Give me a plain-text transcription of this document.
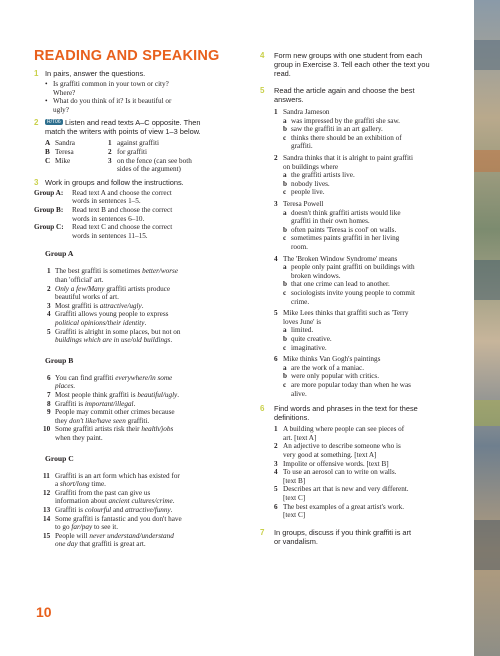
READING AND SPEAKING
1 In pairs, answer the questions.
• Is graffiti common in your town or city?
Where?
• What do you think of it? Is it beautiful or
ugly?
2	R/T06 Listen and read texts A–C opposite. Then
match the writers with points of view 1–3 below.
A Sandra	1 against graffiti
B Teresa	2 for graffiti
C Mike	3 on the fence (can see both
sides of the argument)
3 Work in groups and follow the instructions.
Group A: Read text A and choose the correct
words in sentences 1–5.
Group B: Read text B and choose the correct
words in sentences 6–10.
Group C: Read text C and choose the correct
words in sentences 11–15.
Group A
1 The best graffiti is sometimes better/worse
than 'official' art.
2 Only a few/Many graffiti artists produce
beautiful works of art.
3 Most graffiti is attractive/ugly.
4 Graffiti allows young people to express
political opinions/their identity.
5 Graffiti is alright in some places, but not on
buildings which are in use/old buildings.
Group B
6 You can find graffiti everywhere/in some
places.
7 Most people think graffiti is beautiful/ugly.
8 Graffiti is important/illegal.
9 People may commit other crimes because
they don't like/have seen graffiti.
10 Some graffiti artists risk their health/jobs
when they paint.
Group C
11 Graffiti is an art form which has existed for
a short/long time.
12 Graffiti from the past can give us
information about ancient cultures/crime.
13 Graffiti is colourful and attractive/funny.
14 Some graffiti is fantastic and you don't have
to go far/pay to see it.
15 People will never understand/understand
one day that graffiti is great art.
4 Form new groups with one student from each
group in Exercise 3. Tell each other the text you
read.
5 Read the article again and choose the best
answers.
1 Sandra Jameson
a was impressed by the graffiti she saw.
b saw the graffiti in an art gallery.
c thinks there should be an exhibition of
graffiti.
2 Sandra thinks that it is alright to paint graffiti
on buildings where
a the graffiti artists live.
b nobody lives.
c people live.
3 Teresa Powell
a doesn't think graffiti artists would like
graffiti in their own homes.
b often paints 'Teresa is cool' on walls.
c sometimes paints graffiti in her living
room.
4 The 'Broken Window Syndrome' means
a people only paint graffiti on buildings with
broken windows.
b that one crime can lead to another.
c sociologists invite young people to commit
crime.
5 Mike Lees thinks that graffiti such as 'Terry
loves June' is
a limited.
b quite creative.
c imaginative.
6 Mike thinks Van Gogh's paintings
a are the work of a maniac.
b were only popular with critics.
c are more popular today than when he was
alive.
6 Find words and phrases in the text for these
definitions.
1 A building where people can see pieces of
art. [text A]
2 An adjective to describe someone who is
very good at something. [text A]
3 Impolite or offensive words. [text B]
4 To use an aerosol can to write on walls.
[text B]
5 Describes art that is new and very different.
[text C]
6 The best examples of a great artist's work.
[text C]
7 In groups, discuss if you think graffiti is art
or vandalism.
10
